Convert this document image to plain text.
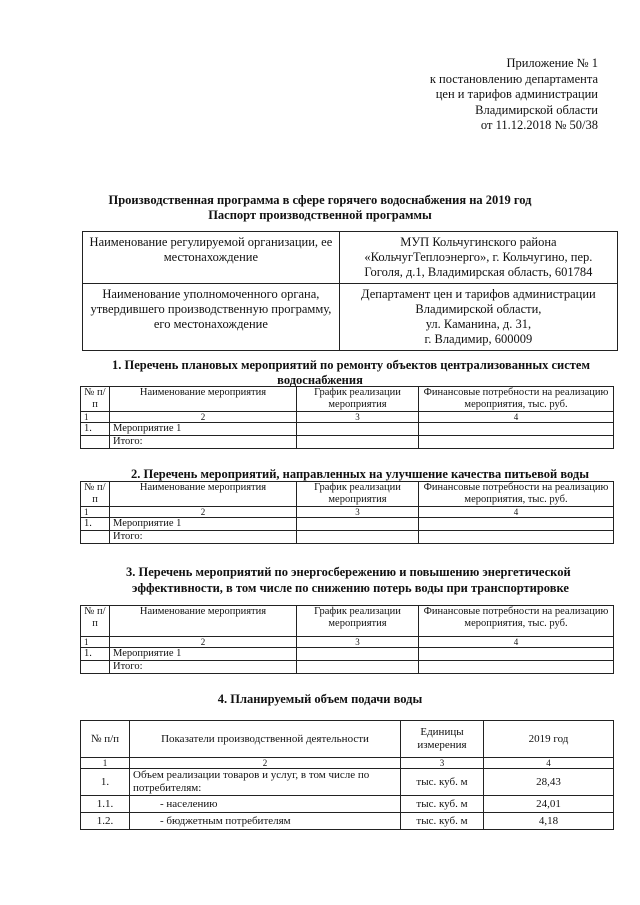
Приложение № 1
к постановлению департамента
цен и тарифов администрации
Владимирской области
от 11.12.2018 № 50/38
Производственная программа в сфере горячего водоснабжения на 2019 год
Паспорт производственной программы
Наименование регулируемой организации, ее местонахождение	МУП Кольчугинского района
«КольчугТеплоэнерго», г. Кольчугино, пер.
Гоголя, д.1, Владимирская область, 601784

Наименование уполномоченного органа, утвердившего производственную программу, его местонахождение	Департамент цен и тарифов администрации
Владимирской области,
ул. Каманина, д. 31,
г. Владимир, 600009
1. Перечень плановых мероприятий по ремонту объектов централизованных систем
водоснабжения
№ п/п	Наименование мероприятия	График реализации мероприятия	Финансовые потребности на реализацию мероприятия, тыс. руб.
1	2	3	4
1.	Мероприятие 1		
	Итого:		
2. Перечень мероприятий, направленных на улучшение качества питьевой воды
№ п/п	Наименование мероприятия	График реализации мероприятия	Финансовые потребности на реализацию мероприятия, тыс. руб.
1	2	3	4
1.	Мероприятие 1		
	Итого:		
3. Перечень мероприятий по энергосбережению и повышению энергетической
эффективности, в том числе по снижению потерь воды при транспортировке
№ п/п	Наименование мероприятия	График реализации мероприятия	Финансовые потребности на реализацию мероприятия, тыс. руб.
1	2	3	4
1.	Мероприятие 1		
	Итого:		
4. Планируемый объем подачи воды
№ п/п	Показатели производственной деятельности	Единицы измерения	2019 год
1	2	3	4
1.	Объем реализации товаров и услуг, в том числе по потребителям:	тыс. куб. м	28,43
1.1.	- населению	тыс. куб. м	24,01
1.2.	- бюджетным потребителям	тыс. куб. м	4,18
